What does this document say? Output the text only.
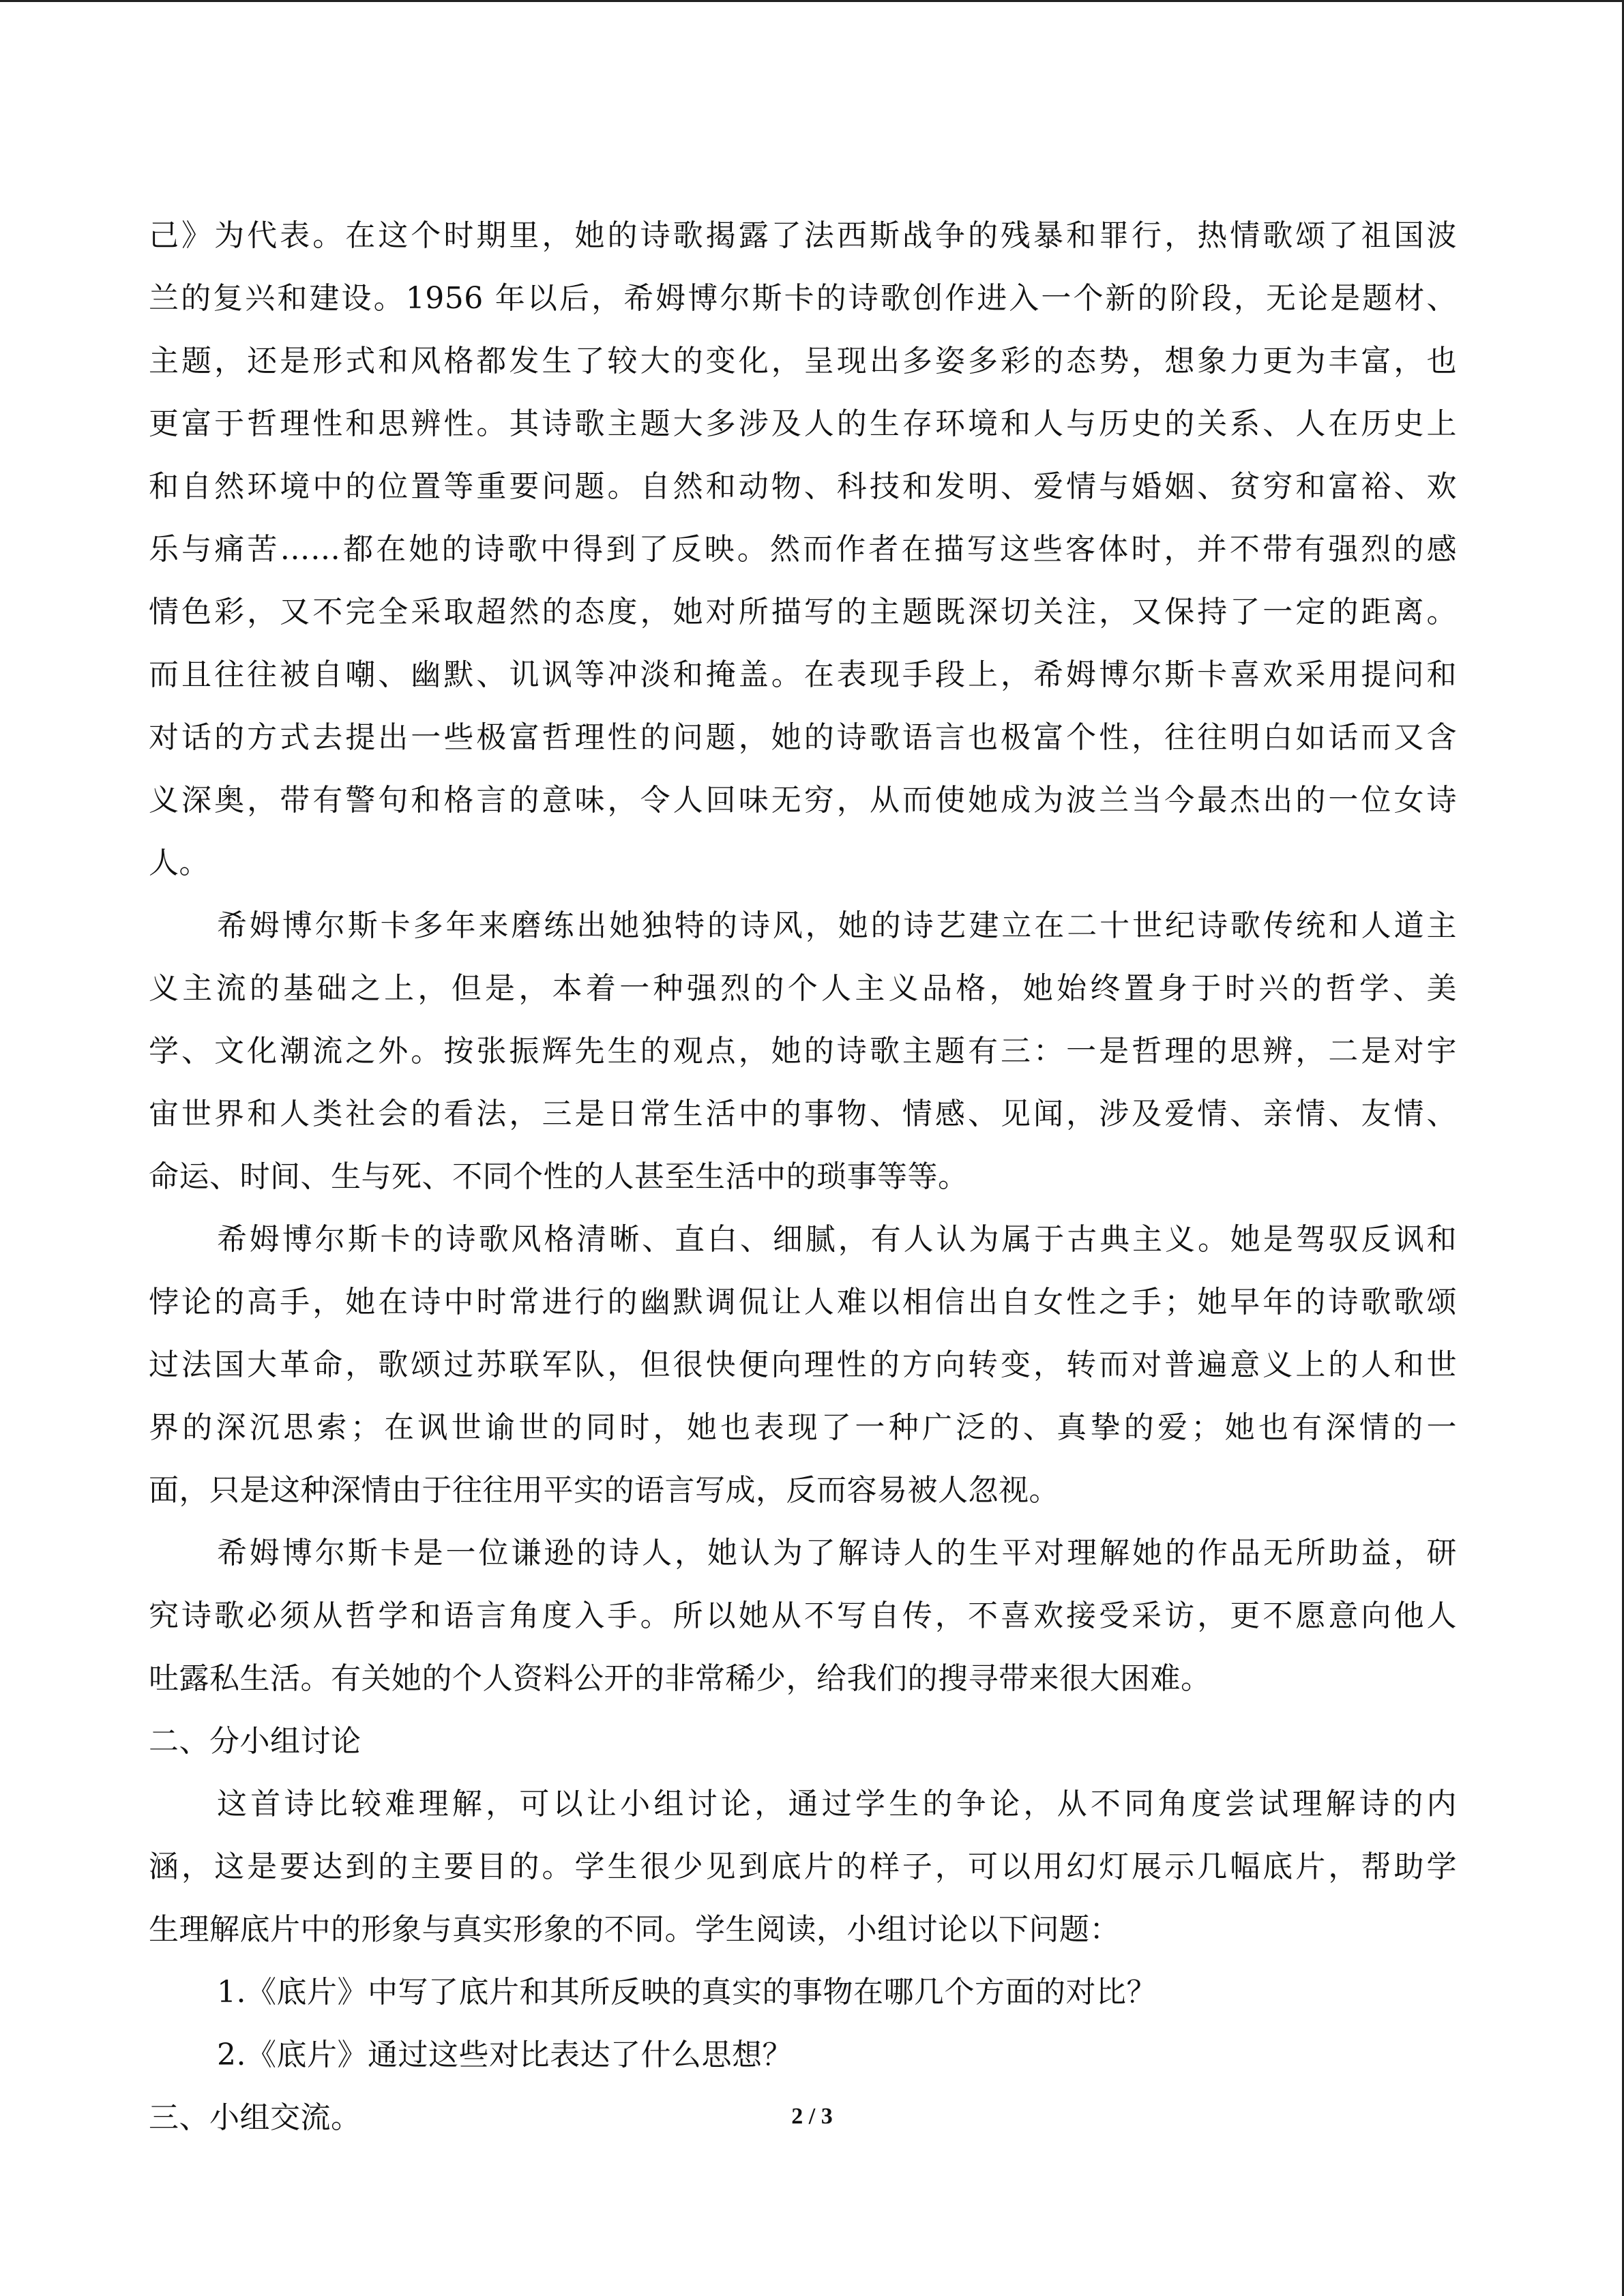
己》为代表。在这个时期里，她的诗歌揭露了法西斯战争的残暴和罪行，热情歌颂了祖国波
兰的复兴和建设。1956 年以后，希姆博尔斯卡的诗歌创作进入一个新的阶段，无论是题材、
主题，还是形式和风格都发生了较大的变化，呈现出多姿多彩的态势，想象力更为丰富，也
更富于哲理性和思辨性。其诗歌主题大多涉及人的生存环境和人与历史的关系、人在历史上
和自然环境中的位置等重要问题。自然和动物、科技和发明、爱情与婚姻、贫穷和富裕、欢
乐与痛苦……都在她的诗歌中得到了反映。然而作者在描写这些客体时，并不带有强烈的感
情色彩，又不完全采取超然的态度，她对所描写的主题既深切关注，又保持了一定的距离。
而且往往被自嘲、幽默、讥讽等冲淡和掩盖。在表现手段上，希姆博尔斯卡喜欢采用提问和
对话的方式去提出一些极富哲理性的问题，她的诗歌语言也极富个性，往往明白如话而又含
义深奥，带有警句和格言的意味，令人回味无穷，从而使她成为波兰当今最杰出的一位女诗
人。
希姆博尔斯卡多年来磨练出她独特的诗风，她的诗艺建立在二十世纪诗歌传统和人道主
义主流的基础之上，但是，本着一种强烈的个人主义品格，她始终置身于时兴的哲学、美
学、文化潮流之外。按张振辉先生的观点，她的诗歌主题有三：一是哲理的思辨，二是对宇
宙世界和人类社会的看法，三是日常生活中的事物、情感、见闻，涉及爱情、亲情、友情、
命运、时间、生与死、不同个性的人甚至生活中的琐事等等。
希姆博尔斯卡的诗歌风格清晰、直白、细腻，有人认为属于古典主义。她是驾驭反讽和
悖论的高手，她在诗中时常进行的幽默调侃让人难以相信出自女性之手；她早年的诗歌歌颂
过法国大革命，歌颂过苏联军队，但很快便向理性的方向转变，转而对普遍意义上的人和世
界的深沉思索；在讽世谕世的同时，她也表现了一种广泛的、真挚的爱；她也有深情的一
面，只是这种深情由于往往用平实的语言写成，反而容易被人忽视。
希姆博尔斯卡是一位谦逊的诗人，她认为了解诗人的生平对理解她的作品无所助益，研
究诗歌必须从哲学和语言角度入手。所以她从不写自传，不喜欢接受采访，更不愿意向他人
吐露私生活。有关她的个人资料公开的非常稀少，给我们的搜寻带来很大困难。
二、分小组讨论
这首诗比较难理解，可以让小组讨论，通过学生的争论，从不同角度尝试理解诗的内
涵，这是要达到的主要目的。学生很少见到底片的样子，可以用幻灯展示几幅底片，帮助学
生理解底片中的形象与真实形象的不同。学生阅读，小组讨论以下问题：
1.《底片》中写了底片和其所反映的真实的事物在哪几个方面的对比？
2.《底片》通过这些对比表达了什么思想？
三、小组交流。	2 / 3
